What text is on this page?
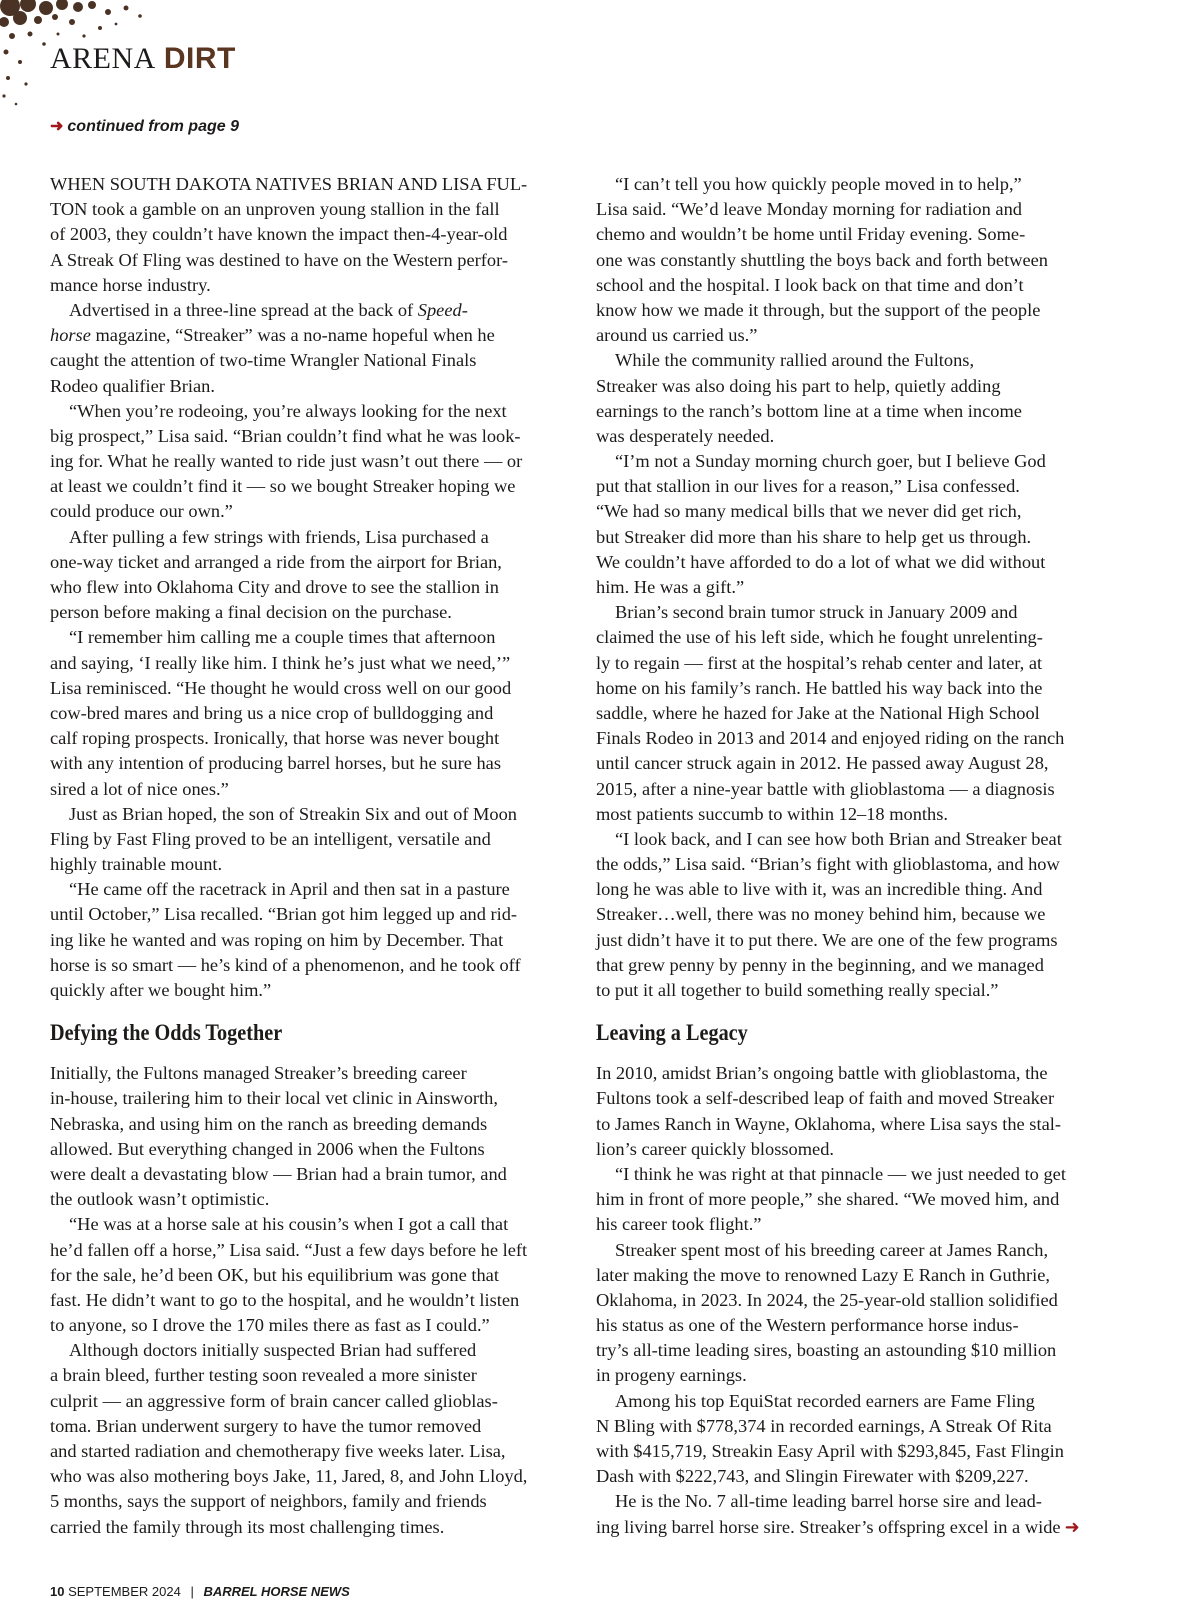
ARENA DIRT
➜ continued from page 9
WHEN SOUTH DAKOTA NATIVES BRIAN AND LISA FUL-
TON took a gamble on an unproven young stallion in the fall
of 2003, they couldn’t have known the impact then-4-year-old
A Streak Of Fling was destined to have on the Western perfor-
mance horse industry.
Advertised in a three-line spread at the back of Speed-
horse magazine, “Streaker” was a no-name hopeful when he
caught the attention of two-time Wrangler National Finals
Rodeo qualifier Brian.
“When you’re rodeoing, you’re always looking for the next
big prospect,” Lisa said. “Brian couldn’t find what he was look-
ing for. What he really wanted to ride just wasn’t out there — or
at least we couldn’t find it — so we bought Streaker hoping we
could produce our own.”
After pulling a few strings with friends, Lisa purchased a
one-way ticket and arranged a ride from the airport for Brian,
who flew into Oklahoma City and drove to see the stallion in
person before making a final decision on the purchase.
“I remember him calling me a couple times that afternoon
and saying, ‘I really like him. I think he’s just what we need,’”
Lisa reminisced. “He thought he would cross well on our good
cow-bred mares and bring us a nice crop of bulldogging and
calf roping prospects. Ironically, that horse was never bought
with any intention of producing barrel horses, but he sure has
sired a lot of nice ones.”
Just as Brian hoped, the son of Streakin Six and out of Moon
Fling by Fast Fling proved to be an intelligent, versatile and
highly trainable mount.
“He came off the racetrack in April and then sat in a pasture
until October,” Lisa recalled. “Brian got him legged up and rid-
ing like he wanted and was roping on him by December. That
horse is so smart — he’s kind of a phenomenon, and he took off
quickly after we bought him.”
Defying the Odds Together
Initially, the Fultons managed Streaker’s breeding career
in-house, trailering him to their local vet clinic in Ainsworth,
Nebraska, and using him on the ranch as breeding demands
allowed. But everything changed in 2006 when the Fultons
were dealt a devastating blow — Brian had a brain tumor, and
the outlook wasn’t optimistic.
“He was at a horse sale at his cousin’s when I got a call that
he’d fallen off a horse,” Lisa said. “Just a few days before he left
for the sale, he’d been OK, but his equilibrium was gone that
fast. He didn’t want to go to the hospital, and he wouldn’t listen
to anyone, so I drove the 170 miles there as fast as I could.”
Although doctors initially suspected Brian had suffered
a brain bleed, further testing soon revealed a more sinister
culprit — an aggressive form of brain cancer called glioblas-
toma. Brian underwent surgery to have the tumor removed
and started radiation and chemotherapy five weeks later. Lisa,
who was also mothering boys Jake, 11, Jared, 8, and John Lloyd,
5 months, says the support of neighbors, family and friends
carried the family through its most challenging times.
“I can’t tell you how quickly people moved in to help,”
Lisa said. “We’d leave Monday morning for radiation and
chemo and wouldn’t be home until Friday evening. Some-
one was constantly shuttling the boys back and forth between
school and the hospital. I look back on that time and don’t
know how we made it through, but the support of the people
around us carried us.”
While the community rallied around the Fultons,
Streaker was also doing his part to help, quietly adding
earnings to the ranch’s bottom line at a time when income
was desperately needed.
“I’m not a Sunday morning church goer, but I believe God
put that stallion in our lives for a reason,” Lisa confessed.
“We had so many medical bills that we never did get rich,
but Streaker did more than his share to help get us through.
We couldn’t have afforded to do a lot of what we did without
him. He was a gift.”
Brian’s second brain tumor struck in January 2009 and
claimed the use of his left side, which he fought unrelenting-
ly to regain — first at the hospital’s rehab center and later, at
home on his family’s ranch. He battled his way back into the
saddle, where he hazed for Jake at the National High School
Finals Rodeo in 2013 and 2014 and enjoyed riding on the ranch
until cancer struck again in 2012. He passed away August 28,
2015, after a nine-year battle with glioblastoma — a diagnosis
most patients succumb to within 12–18 months.
“I look back, and I can see how both Brian and Streaker beat
the odds,” Lisa said. “Brian’s fight with glioblastoma, and how
long he was able to live with it, was an incredible thing. And
Streaker…well, there was no money behind him, because we
just didn’t have it to put there. We are one of the few programs
that grew penny by penny in the beginning, and we managed
to put it all together to build something really special.”
Leaving a Legacy
In 2010, amidst Brian’s ongoing battle with glioblastoma, the
Fultons took a self-described leap of faith and moved Streaker
to James Ranch in Wayne, Oklahoma, where Lisa says the stal-
lion’s career quickly blossomed.
“I think he was right at that pinnacle — we just needed to get
him in front of more people,” she shared. “We moved him, and
his career took flight.”
Streaker spent most of his breeding career at James Ranch,
later making the move to renowned Lazy E Ranch in Guthrie,
Oklahoma, in 2023. In 2024, the 25-year-old stallion solidified
his status as one of the Western performance horse indus-
try’s all-time leading sires, boasting an astounding $10 million
in progeny earnings.
Among his top EquiStat recorded earners are Fame Fling
N Bling with $778,374 in recorded earnings, A Streak Of Rita
with $415,719, Streakin Easy April with $293,845, Fast Flingin
Dash with $222,743, and Slingin Firewater with $209,227.
He is the No. 7 all-time leading barrel horse sire and lead-
ing living barrel horse sire. Streaker’s offspring excel in a wide ➜
10 SEPTEMBER 2024 | BARREL HORSE NEWS
